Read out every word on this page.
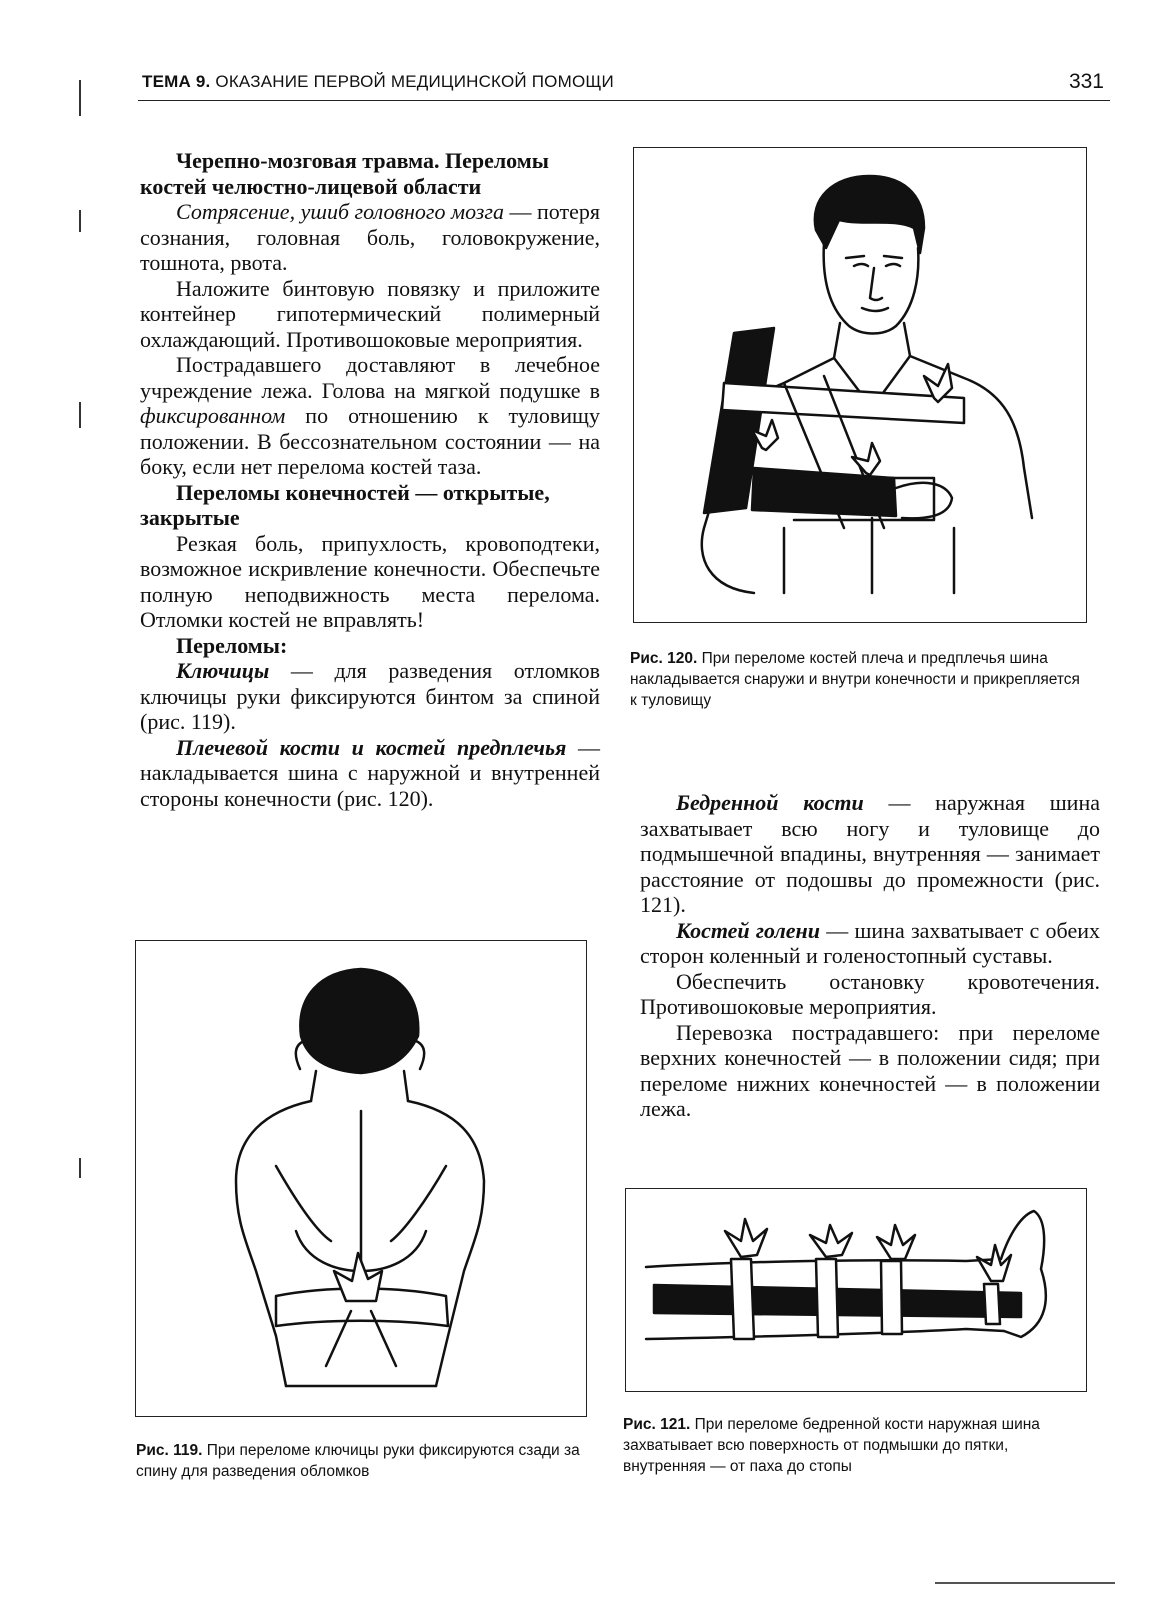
ТЕМА 9. ОКАЗАНИЕ ПЕРВОЙ МЕДИЦИНСКОЙ ПОМОЩИ	331
Черепно-мозговая травма. Переломы костей челюстно-лицевой области

Сотрясение, ушиб головного мозга — потеря сознания, головная боль, головокружение, тошнота, рвота.

Наложите бинтовую повязку и приложите контейнер гипотермический полимерный охлаждающий. Противошоковые мероприятия.

Пострадавшего доставляют в лечебное учреждение лежа. Голова на мягкой подушке в фиксированном по отношению к туловищу положении. В бессознательном состоянии — на боку, если нет перелома костей таза.

Переломы конечностей — открытые, закрытые

Резкая боль, припухлость, кровоподтеки, возможное искривление конечности. Обеспечьте полную неподвижность места перелома. Отломки костей не вправлять!

Переломы:

Ключицы — для разведения отломков ключицы руки фиксируются бинтом за спиной (рис. 119).

Плечевой кости и костей предплечья — накладывается шина с наружной и внутренней стороны конечности (рис. 120).

Рис. 120. При переломе костей плеча и предплечья шина накладывается снаружи и внутри конечности и прикрепляется к туловищу

Бедренной кости — наружная шина захватывает всю ногу и туловище до подмышечной впадины, внутренняя — занимает расстояние от подошвы до промежности (рис. 121).

Костей голени — шина захватывает с обеих сторон коленный и голеностопный суставы.

Обеспечить остановку кровотечения. Противошоковые мероприятия.

Перевозка пострадавшего: при переломе верхних конечностей — в положении сидя; при переломе нижних конечностей — в положении лежа.

Рис. 119. При переломе ключицы руки фиксируются сзади за спину для разведения обломков
Рис. 121. При переломе бедренной кости наружная шина захватывает всю поверхность от подмышки до пятки, внутренняя — от паха до стопы
